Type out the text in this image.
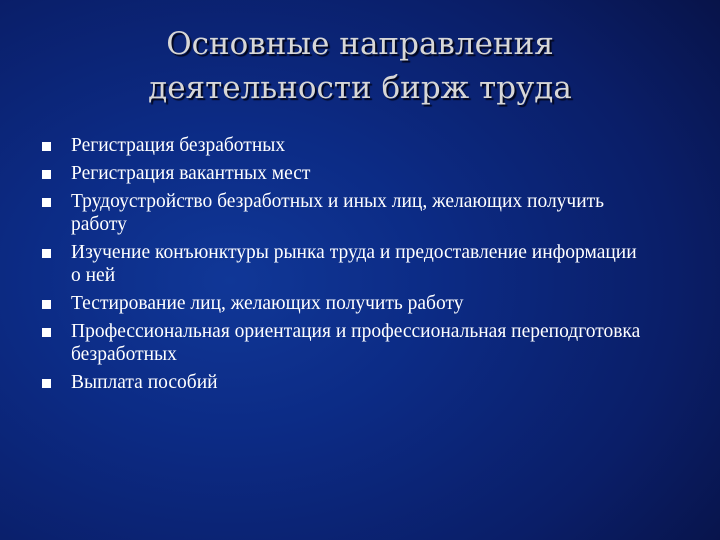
Основные направления
деятельности бирж труда
Регистрация безработных
Регистрация вакантных мест
Трудоустройство безработных и иных лиц, желающих получить работу
Изучение конъюнктуры рынка труда и предоставление информации о ней
Тестирование лиц, желающих получить работу
Профессиональная ориентация и профессиональная переподготовка безработных
Выплата пособий
